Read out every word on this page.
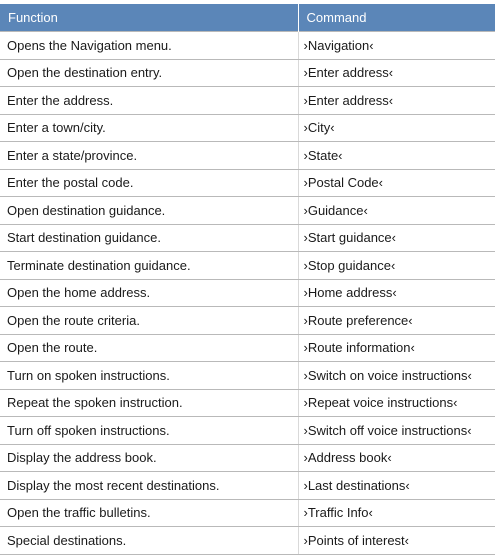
Function	Command
Opens the Navigation menu.	›Navigation‹
Open the destination entry.	›Enter address‹
Enter the address.	›Enter address‹
Enter a town/city.	›City‹
Enter a state/province.	›State‹
Enter the postal code.	›Postal Code‹
Open destination guidance.	›Guidance‹
Start destination guidance.	›Start guidance‹
Terminate destination guidance.	›Stop guidance‹
Open the home address.	›Home address‹
Open the route criteria.	›Route preference‹
Open the route.	›Route information‹
Turn on spoken instructions.	›Switch on voice instructions‹
Repeat the spoken instruction.	›Repeat voice instructions‹
Turn off spoken instructions.	›Switch off voice instructions‹
Display the address book.	›Address book‹
Display the most recent destinations.	›Last destinations‹
Open the traffic bulletins.	›Traffic Info‹
Special destinations.	›Points of interest‹
